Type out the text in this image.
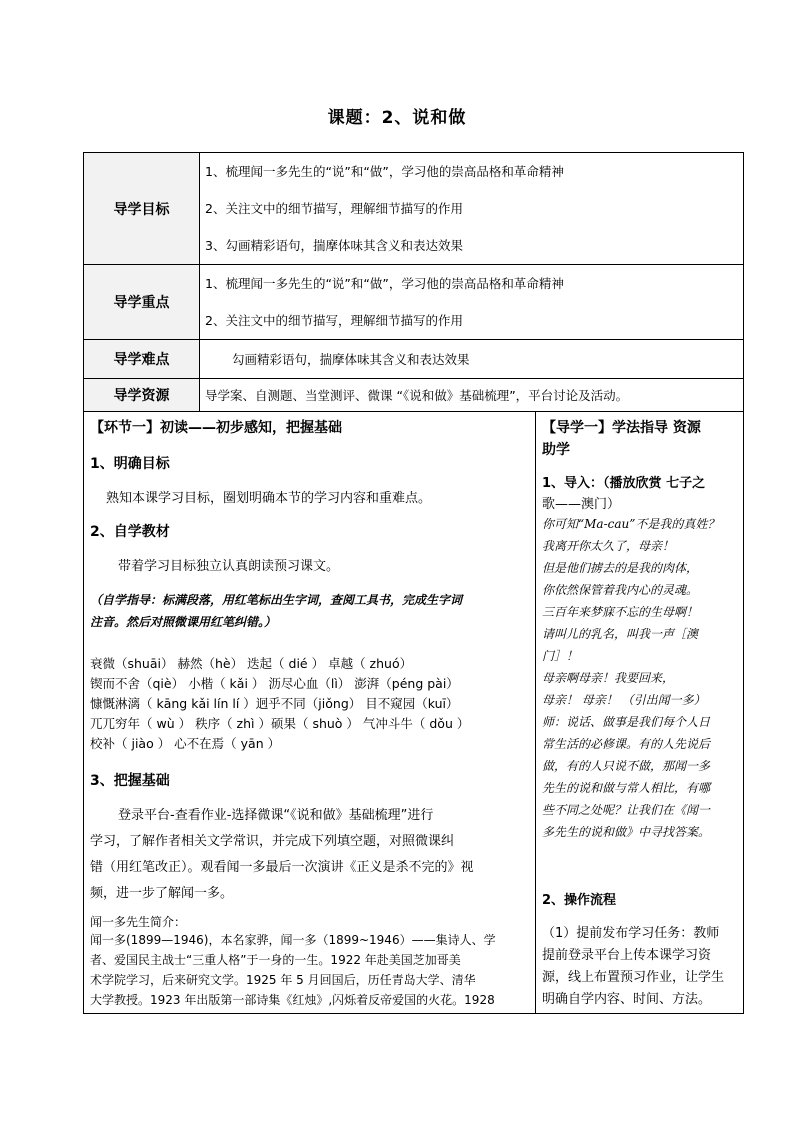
课题：2、说和做
导学目标	1、梳理闻一多先生的“说”和“做”，学习他的崇高品格和革命精神
2、关注文中的细节描写，理解细节描写的作用
3、勾画精彩语句，揣摩体味其含义和表达效果

导学重点	1、梳理闻一多先生的“说”和“做”，学习他的崇高品格和革命精神
2、关注文中的细节描写，理解细节描写的作用

导学难点	勾画精彩语句，揣摩体味其含义和表达效果
导学资源	导学案、自测题、当堂测评、微课 “《说和做》基础梳理”，平台讨论及活动。
【环节一】初读——初步感知，把握基础
1、明确目标
熟知本课学习目标，圈划明确本节的学习内容和重难点。
2、自学教材
带着学习目标独立认真朗读预习课文。
（自学指导：标满段落，用红笔标出生字词，查阅工具书，完成生字词
注音。然后对照微课用红笔纠错。）
衰微（shuāi） 赫然（hè） 迭起（ dié ） 卓越（ zhuó）
锲而不舍（qiè） 小楷（ kǎi ） 沥尽心血（lì） 澎湃（péng pài）
慷慨淋漓（ kāng kǎi lín lí ）迥乎不同（jiǒng） 目不窥园（kuī）
兀兀穷年（ wù ） 秩序（ zhì ）硕果（ shuò ） 气冲斗牛（ dǒu ）
校补（ jiào ） 心不在焉（ yān ）
3、把握基础
登录平台-查看作业-选择微课“《说和做》基础梳理”进行
学习，了解作者相关文学常识，并完成下列填空题，对照微课纠
错（用红笔改正）。观看闻一多最后一次演讲《正义是杀不完的》视
频，进一步了解闻一多。
闻一多先生简介：
闻一多(1899—1946)，本名家骅，闻一多（1899~1946）——集诗人、学
者、爱国民主战士“三重人格”于一身的一生。1922 年赴美国芝加哥美
术学院学习，后来研究文学。1925 年 5 月回国后，历任青岛大学、清华
大学教授。1923 年出版第一部诗集《红烛》,闪烁着反帝爱国的火花。1928
【导学一】学法指导 资源
助学
1、导入：（播放欣赏 七子之
歌——澳门）
你可知“Ma-cau”不是我的真姓？
我离开你太久了，母亲！
但是他们掳去的是我的肉体，
你依然保管着我内心的灵魂。
三百年来梦寐不忘的生母啊！
请叫儿的乳名，叫我一声［澳
门］！
母亲啊母亲！我要回来，
母亲！ 母亲！ （引出闻一多）
师：说话、做事是我们每个人日
常生活的必修课。有的人先说后
做，有的人只说不做，那闻一多
先生的说和做与常人相比，有哪
些不同之处呢？让我们在《闻一
多先生的说和做》中寻找答案。
2、操作流程
（1）提前发布学习任务：教师
提前登录平台上传本课学习资
源，线上布置预习作业，让学生
明确自学内容、时间、方法。
